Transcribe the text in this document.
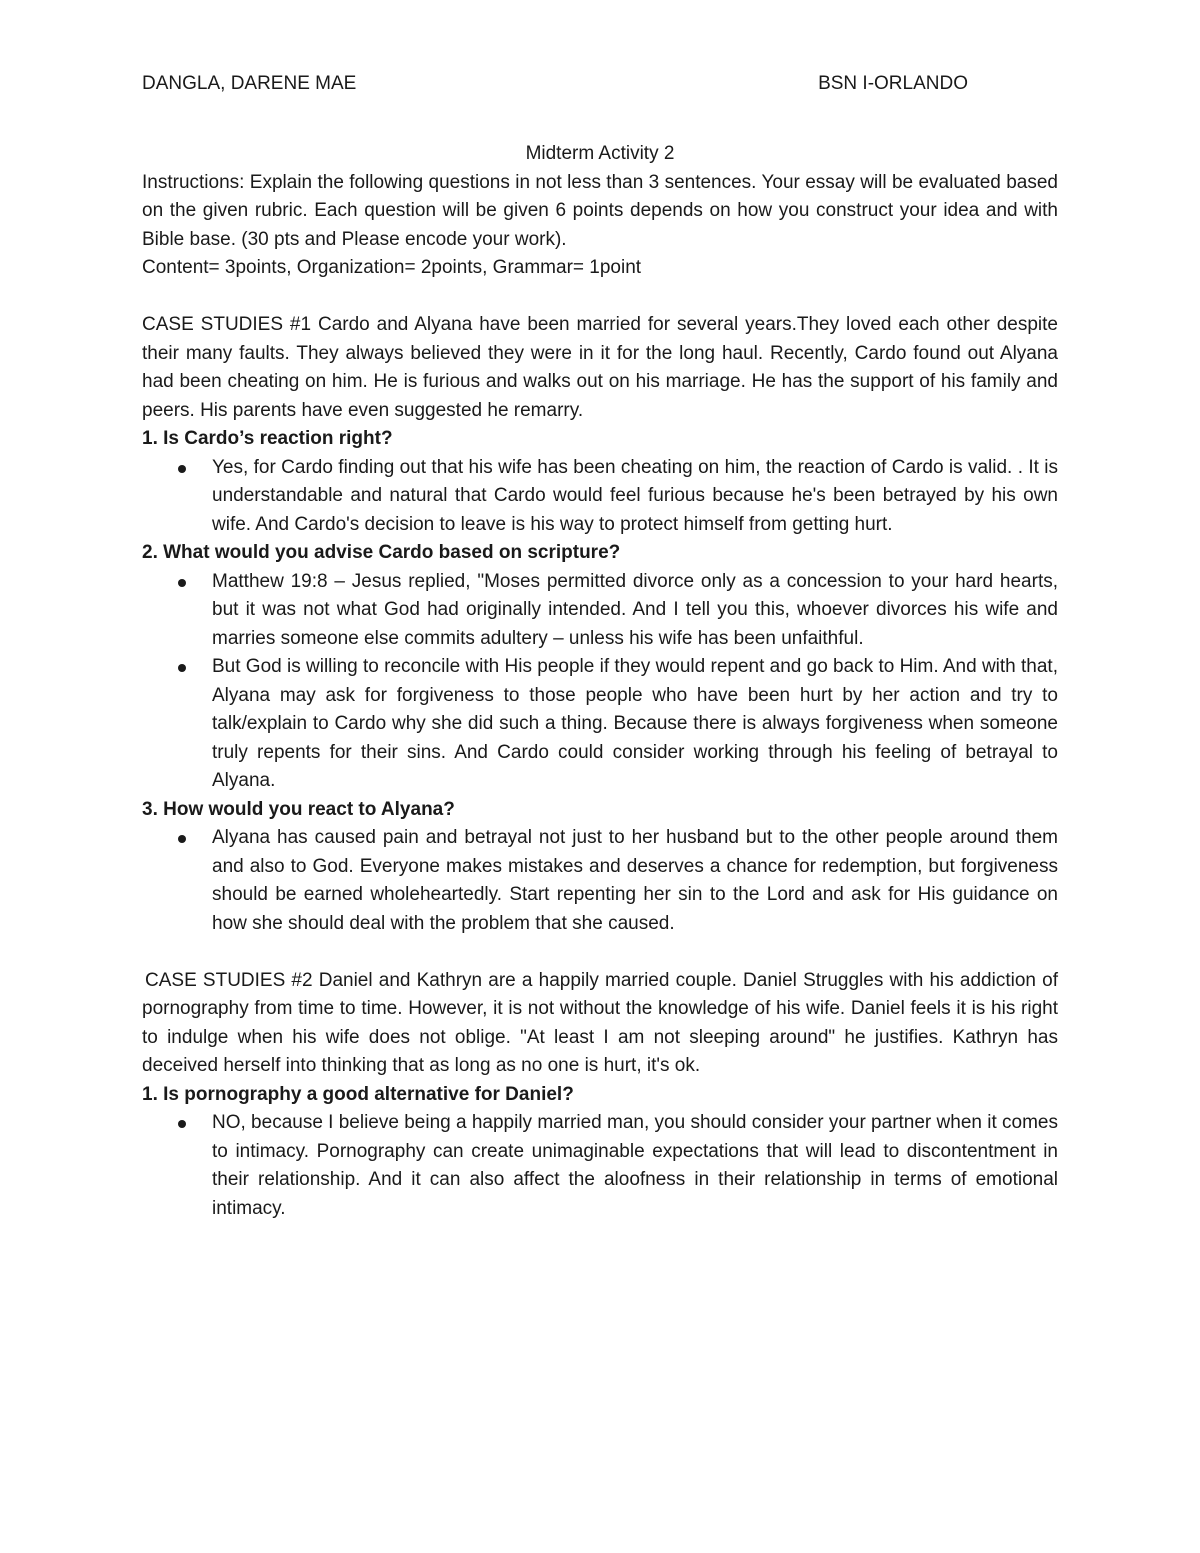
DANGLA, DARENE MAE	BSN I-ORLANDO
Midterm Activity 2

Instructions: Explain the following questions in not less than 3 sentences. Your essay will be evaluated based on the given rubric. Each question will be given 6 points depends on how you construct your idea and with Bible base. (30 pts and Please encode your work).

Content= 3points, Organization= 2points, Grammar= 1point

CASE STUDIES #1 Cardo and Alyana have been married for several years.They loved each other despite their many faults. They always believed they were in it for the long haul. Recently, Cardo found out Alyana had been cheating on him. He is furious and walks out on his marriage. He has the support of his family and peers. His parents have even suggested he remarry.

1. Is Cardo’s reaction right?

Yes, for Cardo finding out that his wife has been cheating on him, the reaction of Cardo is valid. . It is understandable and natural that Cardo would feel furious because he's been betrayed by his own wife. And Cardo's decision to leave is his way to protect himself from getting hurt.

2. What would you advise Cardo based on scripture?

Matthew 19:8 – Jesus replied, "Moses permitted divorce only as a concession to your hard hearts, but it was not what God had originally intended. And I tell you this, whoever divorces his wife and marries someone else commits adultery – unless his wife has been unfaithful.
But God is willing to reconcile with His people if they would repent and go back to Him. And with that, Alyana may ask for forgiveness to those people who have been hurt by her action and try to talk/explain to Cardo why she did such a thing. Because there is always forgiveness when someone truly repents for their sins. And Cardo could consider working through his feeling of betrayal to Alyana.

3. How would you react to Alyana?

Alyana has caused pain and betrayal not just to her husband but to the other people around them and also to God. Everyone makes mistakes and deserves a chance for redemption, but forgiveness should be earned wholeheartedly. Start repenting her sin to the Lord and ask for His guidance on how she should deal with the problem that she caused.

CASE STUDIES #2 Daniel and Kathryn are a happily married couple. Daniel Struggles with his addiction of pornography from time to time. However, it is not without the knowledge of his wife. Daniel feels it is his right to indulge when his wife does not oblige. "At least I am not sleeping around" he justifies. Kathryn has deceived herself into thinking that as long as no one is hurt, it's ok.

1. Is pornography a good alternative for Daniel?

NO, because I believe being a happily married man, you should consider your partner when it comes to intimacy. Pornography can create unimaginable expectations that will lead to discontentment in their relationship. And it can also affect the aloofness in their relationship in terms of emotional intimacy.
